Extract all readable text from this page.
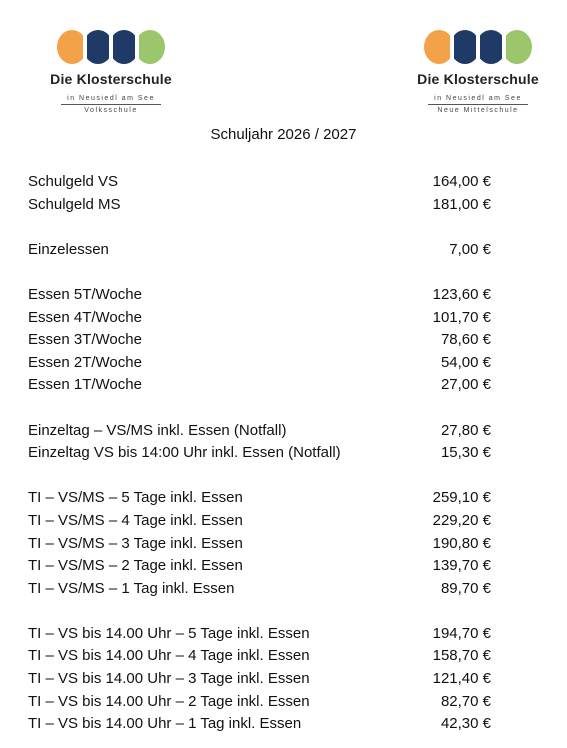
Die Klosterschule
in Neusiedl am See
Volksschule
Die Klosterschule
in Neusiedl am See
Neue Mittelschule
Schuljahr 2026 / 2027
Schulgeld VS	164,00 €
Schulgeld MS	181,00 €
Einzelessen	7,00 €
Essen 5T/Woche	123,60 €
Essen 4T/Woche	101,70 €
Essen 3T/Woche	78,60 €
Essen 2T/Woche	54,00 €
Essen 1T/Woche	27,00 €
Einzeltag – VS/MS inkl. Essen (Notfall)	27,80 €
Einzeltag VS bis 14:00 Uhr inkl. Essen (Notfall)	15,30 €
TI – VS/MS – 5 Tage inkl. Essen	259,10 €
TI – VS/MS – 4 Tage inkl. Essen	229,20 €
TI – VS/MS – 3 Tage inkl. Essen	190,80 €
TI – VS/MS – 2 Tage inkl. Essen	139,70 €
TI – VS/MS – 1 Tag inkl. Essen	89,70 €
TI – VS bis 14.00 Uhr – 5 Tage inkl. Essen	194,70 €
TI – VS bis 14.00 Uhr – 4 Tage inkl. Essen	158,70 €
TI – VS bis 14.00 Uhr – 3 Tage inkl. Essen	121,40 €
TI – VS bis 14.00 Uhr – 2 Tage inkl. Essen	82,70 €
TI – VS bis 14.00 Uhr – 1 Tag inkl. Essen	42,30 €
